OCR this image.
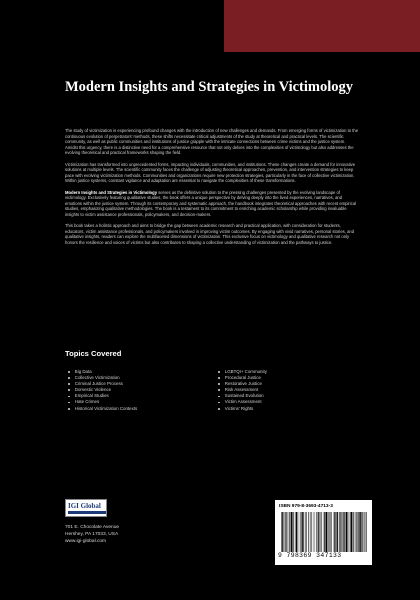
Modern Insights and Strategies in Victimology

The study of victimization is experiencing profound changes with the introduction of new challenges and demands. From emerging forms of victimization to the continuous evolution of perpetrators' methods, these shifts necessitate critical adjustments of the study at theoretical and practical levels. The scientific community, as well as public communities and institutions of justice grapple with the intricate connections between crime victims and the justice system. Amidst this urgency, there is a distinctive need for a comprehensive resource that not only delves into the complexities of victimology but also addresses the evolving theoretical and practical frameworks shaping the field.

Victimization has transformed into unprecedented forms, impacting individuals, communities, and institutions. These changes create a demand for innovative solutions at multiple levels. The scientific community faces the challenge of adjusting theoretical approaches, prevention, and intervention strategies to keep pace with evolving victimization methods. Communities and organizations require new protection strategies, particularly in the face of collective victimization. Within justice systems, constant vigilance and adaptation are essential to navigate the complexities of these transformations.

Modern Insights and Strategies in Victimology serves as the definitive solution to the pressing challenges presented by the evolving landscape of victimology. Exclusively featuring qualitative studies, the book offers a unique perspective by delving deeply into the lived experiences, narratives, and emotions within the justice system. Through its contemporary and systematic approach, the handbook integrates theoretical approaches with recent empirical studies, emphasizing qualitative methodologies. The book is a testament to its commitment to enriching academic scholarship while providing invaluable insights to victim assistance professionals, policymakers, and decision-makers.

This book takes a holistic approach and aims to bridge the gap between academic research and practical application, with consideration for students, educators, victim assistance professionals, and policymakers involved in improving victim outcomes. By engaging with vivid narratives, personal stories, and qualitative insights, readers can explore the multifaceted dimensions of victimization. This exclusive focus on victimology and qualitative research not only honors the resilience and voices of victims but also contributes to shaping a collective understanding of victimization and the pathways to justice.

Topics Covered
Big Data
Collective Victimization
Criminal Justice Process
Domestic Violence
Empirical Studies
Hate Crimes
Historical Victimization Contexts
LGBTQI+ Community
Procedural Justice
Restorative Justice
Risk Assessment
Sustained Evolution
Victim Assessment
Victims' Rights
IGI Global
701 E. Chocolate Avenue
Hershey, PA 17033, USA
www.igi-global.com
ISBN 979-8-3693-4713-3
9 798369 347133
